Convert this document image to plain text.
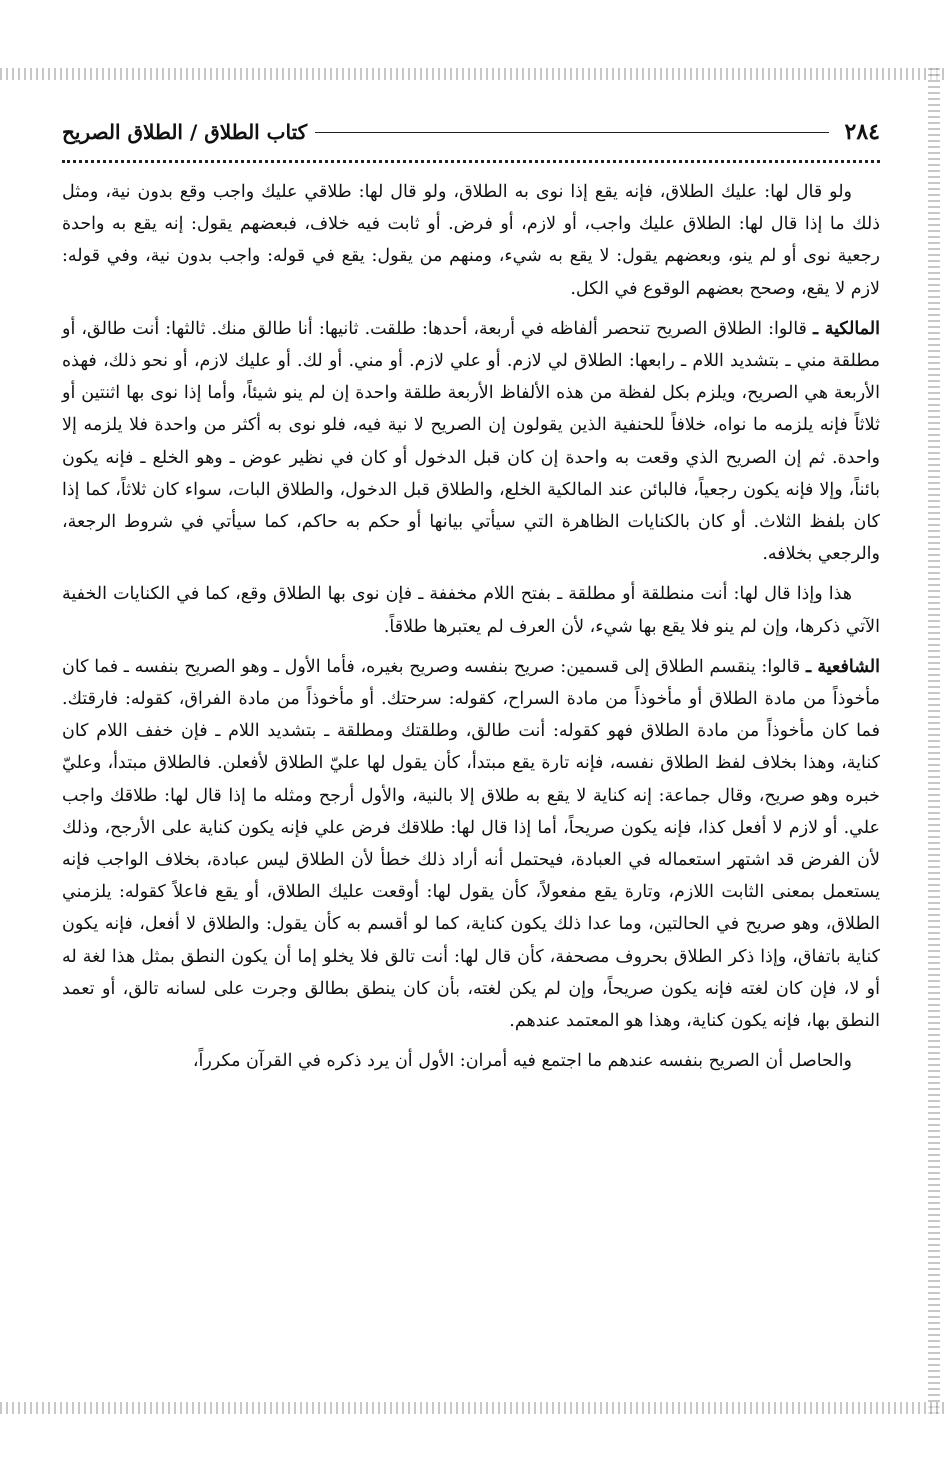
٢٨٤
كتاب الطلاق / الطلاق الصريح

ولو قال لها: عليك الطلاق، فإنه يقع إذا نوى به الطلاق، ولو قال لها: طلاقي عليك واجب وقع بدون نية، ومثل ذلك ما إذا قال لها: الطلاق عليك واجب، أو لازم، أو فرض. أو ثابت فيه خلاف، فبعضهم يقول: إنه يقع به واحدة رجعية نوى أو لم ينو، وبعضهم يقول: لا يقع به شيء، ومنهم من يقول: يقع في قوله: واجب بدون نية، وفي قوله: لازم لا يقع، وصحح بعضهم الوقوع في الكل.

المالكية ـ قالوا: الطلاق الصريح تنحصر ألفاظه في أربعة، أحدها: طلقت. ثانيها: أنا طالق منك. ثالثها: أنت طالق، أو مطلقة مني ـ بتشديد اللام ـ رابعها: الطلاق لي لازم. أو علي لازم. أو مني. أو لك. أو عليك لازم، أو نحو ذلك، فهذه الأربعة هي الصريح، ويلزم بكل لفظة من هذه الألفاظ الأربعة طلقة واحدة إن لم ينو شيئاً، وأما إذا نوى بها اثنتين أو ثلاثاً فإنه يلزمه ما نواه، خلافاً للحنفية الذين يقولون إن الصريح لا نية فيه، فلو نوى به أكثر من واحدة فلا يلزمه إلا واحدة. ثم إن الصريح الذي وقعت به واحدة إن كان قبل الدخول أو كان في نظير عوض ـ وهو الخلع ـ فإنه يكون بائناً، وإلا فإنه يكون رجعياً، فالبائن عند المالكية الخلع، والطلاق قبل الدخول، والطلاق البات، سواء كان ثلاثاً، كما إذا كان بلفظ الثلاث. أو كان بالكنايات الظاهرة التي سيأتي بيانها أو حكم به حاكم، كما سيأتي في شروط الرجعة، والرجعي بخلافه.

هذا وإذا قال لها: أنت منطلقة أو مطلقة ـ بفتح اللام مخففة ـ فإن نوى بها الطلاق وقع، كما في الكنايات الخفية الآتي ذكرها، وإن لم ينو فلا يقع بها شيء، لأن العرف لم يعتبرها طلاقاً.

الشافعية ـ قالوا: ينقسم الطلاق إلى قسمين: صريح بنفسه وصريح بغيره، فأما الأول ـ وهو الصريح بنفسه ـ فما كان مأخوذاً من مادة الطلاق أو مأخوذاً من مادة السراح، كقوله: سرحتك. أو مأخوذاً من مادة الفراق، كقوله: فارقتك. فما كان مأخوذاً من مادة الطلاق فهو كقوله: أنت طالق، وطلقتك ومطلقة ـ بتشديد اللام ـ فإن خفف اللام كان كناية، وهذا بخلاف لفظ الطلاق نفسه، فإنه تارة يقع مبتدأ، كأن يقول لها عليّ الطلاق لأفعلن. فالطلاق مبتدأ، وعليّ خبره وهو صريح، وقال جماعة: إنه كناية لا يقع به طلاق إلا بالنية، والأول أرجح ومثله ما إذا قال لها: طلاقك واجب علي. أو لازم لا أفعل كذا، فإنه يكون صريحاً، أما إذا قال لها: طلاقك فرض علي فإنه يكون كناية على الأرجح، وذلك لأن الفرض قد اشتهر استعماله في العبادة، فيحتمل أنه أراد ذلك خطأ لأن الطلاق ليس عبادة، بخلاف الواجب فإنه يستعمل بمعنى الثابت اللازم، وتارة يقع مفعولاً، كأن يقول لها: أوقعت عليك الطلاق، أو يقع فاعلاً كقوله: يلزمني الطلاق، وهو صريح في الحالتين، وما عدا ذلك يكون كناية، كما لو أقسم به كأن يقول: والطلاق لا أفعل، فإنه يكون كناية باتفاق، وإذا ذكر الطلاق بحروف مصحفة، كأن قال لها: أنت تالق فلا يخلو إما أن يكون النطق بمثل هذا لغة له أو لا، فإن كان لغته فإنه يكون صريحاً، وإن لم يكن لغته، بأن كان ينطق بطالق وجرت على لسانه تالق، أو تعمد النطق بها، فإنه يكون كناية، وهذا هو المعتمد عندهم.

والحاصل أن الصريح بنفسه عندهم ما اجتمع فيه أمران: الأول أن يرد ذكره في القرآن مكرراً،
